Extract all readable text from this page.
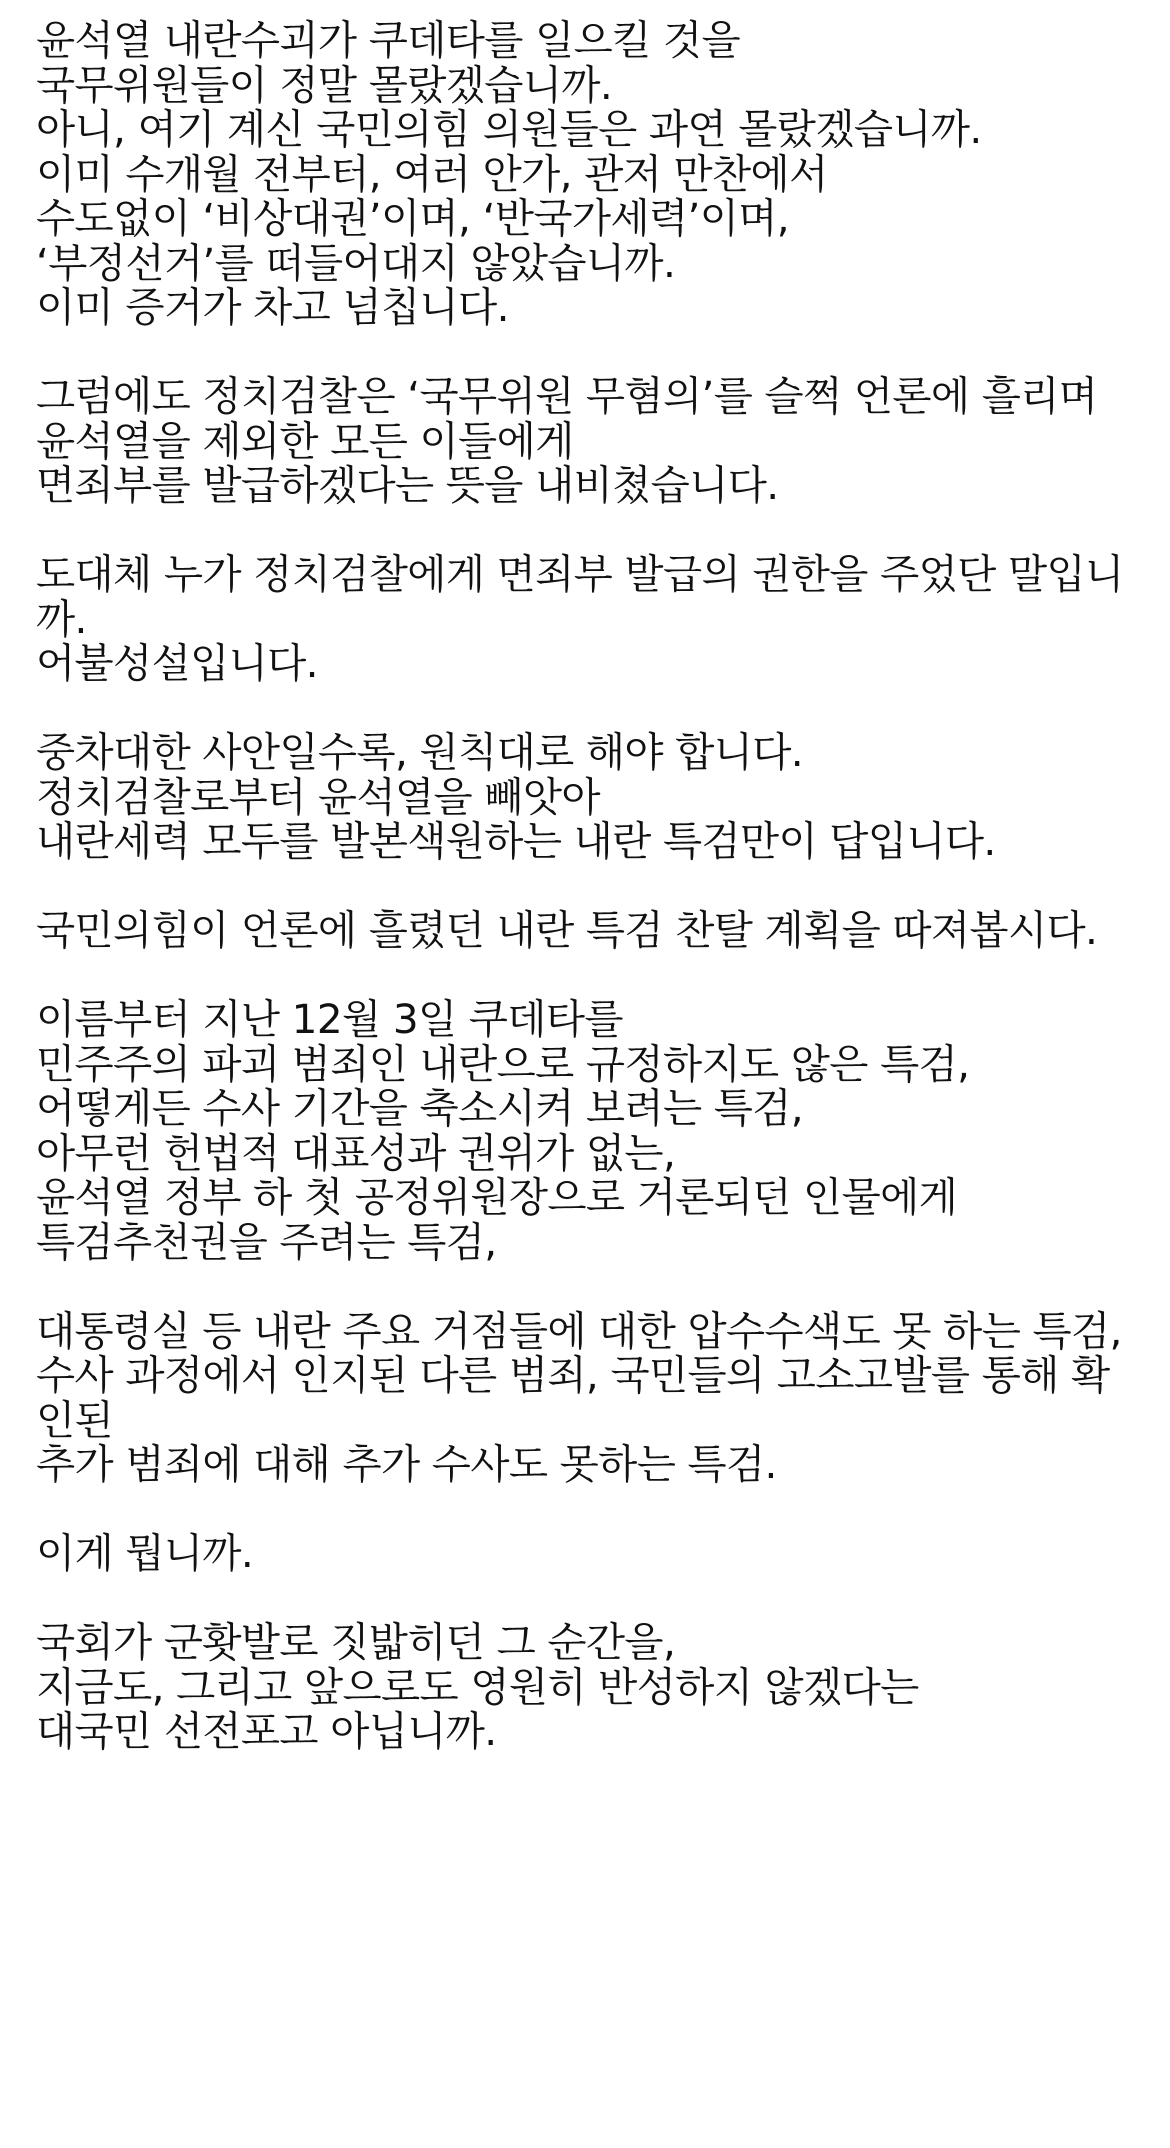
윤석열 내란수괴가 쿠데타를 일으킬 것을
국무위원들이 정말 몰랐겠습니까.
아니, 여기 계신 국민의힘 의원들은 과연 몰랐겠습니까.
이미 수개월 전부터, 여러 안가, 관저 만찬에서
수도없이 ‘비상대권’이며, ‘반국가세력’이며,
‘부정선거’를 떠들어대지 않았습니까.
이미 증거가 차고 넘칩니다.
그럼에도 정치검찰은 ‘국무위원 무혐의’를 슬쩍 언론에 흘리며
윤석열을 제외한 모든 이들에게
면죄부를 발급하겠다는 뜻을 내비쳤습니다.
도대체 누가 정치검찰에게 면죄부 발급의 권한을 주었단 말입니
까.
어불성설입니다.
중차대한 사안일수록, 원칙대로 해야 합니다.
정치검찰로부터 윤석열을 빼앗아
내란세력 모두를 발본색원하는 내란 특검만이 답입니다.
국민의힘이 언론에 흘렸던 내란 특검 찬탈 계획을 따져봅시다.
이름부터 지난 12월 3일 쿠데타를
민주주의 파괴 범죄인 내란으로 규정하지도 않은 특검,
어떻게든 수사 기간을 축소시켜 보려는 특검,
아무런 헌법적 대표성과 권위가 없는,
윤석열 정부 하 첫 공정위원장으로 거론되던 인물에게
특검추천권을 주려는 특검,
대통령실 등 내란 주요 거점들에 대한 압수수색도 못 하는 특검,
수사 과정에서 인지된 다른 범죄, 국민들의 고소고발를 통해 확
인된
추가 범죄에 대해 추가 수사도 못하는 특검.
이게 뭡니까.
국회가 군홧발로 짓밟히던 그 순간을,
지금도, 그리고 앞으로도 영원히 반성하지 않겠다는
대국민 선전포고 아닙니까.
